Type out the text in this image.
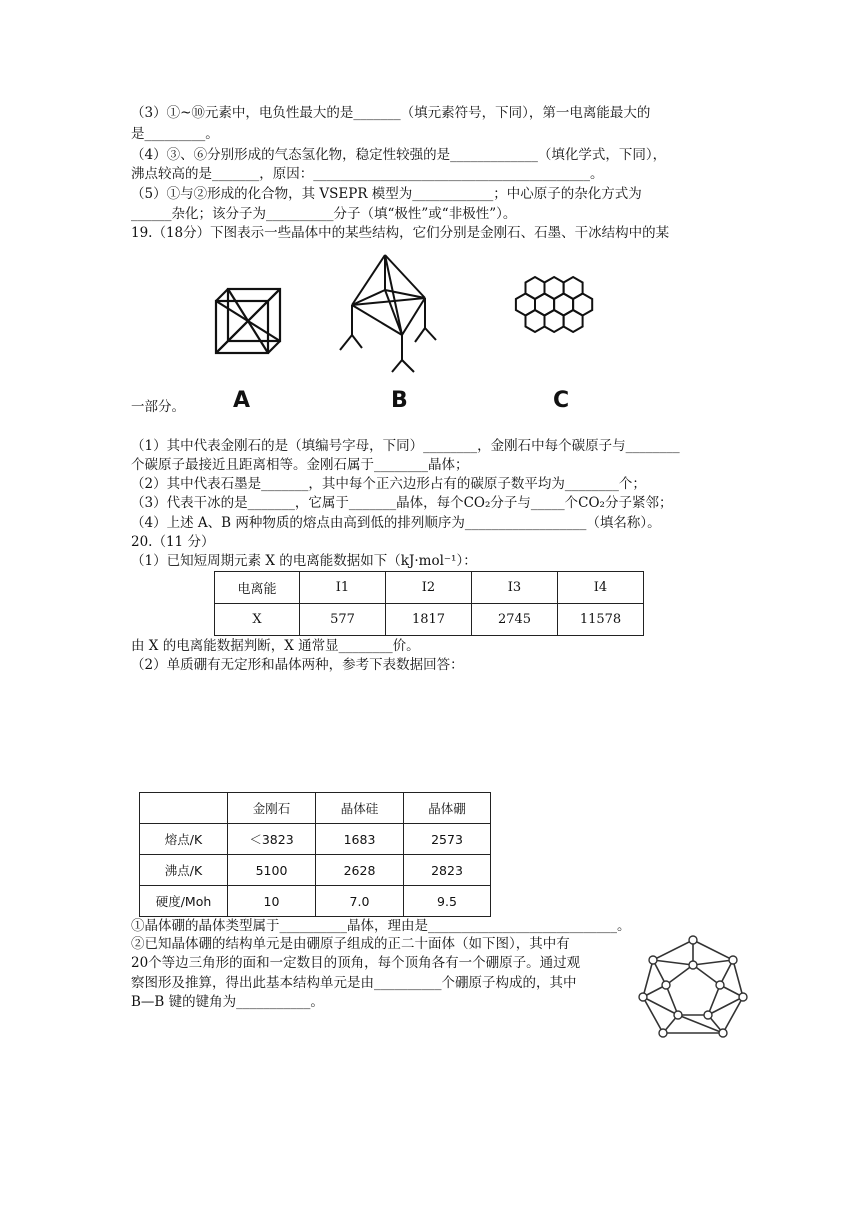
（3）①~⑩元素中，电负性最大的是_______（填元素符号，下同），第一电离能最大的
是_________。
（4）③、⑥分别形成的气态氢化物，稳定性较强的是_____________（填化学式，下同），
沸点较高的是_______，原因：_________________________________________。
（5）①与②形成的化合物，其 VSEPR 模型为____________；中心原子的杂化方式为
______杂化；该分子为__________分子（填“极性”或“非极性”）。
19.（18分）下图表示一些晶体中的某些结构，它们分别是金刚石、石墨、干冰结构中的某
A	B	C
一部分。
（1）其中代表金刚石的是（填编号字母，下同）________，金刚石中每个碳原子与________
个碳原子最接近且距离相等。金刚石属于________晶体；
（2）其中代表石墨是_______，其中每个正六边形占有的碳原子数平均为________个；
（3）代表干冰的是_______，它属于_______晶体，每个CO₂分子与_____个CO₂分子紧邻；
（4）上述 A、B 两种物质的熔点由高到低的排列顺序为__________________（填名称）。
20.（11 分）
（1）已知短周期元素 X 的电离能数据如下（kJ·mol⁻¹）：
电离能	I1	I2	I3	I4
X	577	1817	2745	11578
由 X 的电离能数据判断，X 通常显________价。
（2）单质硼有无定形和晶体两种，参考下表数据回答：
	金刚石	晶体硅	晶体硼
熔点/K	＜3823	1683	2573
沸点/K	5100	2628	2823
硬度/Moh	10	7.0	9.5
①晶体硼的晶体类型属于__________晶体，理由是____________________________。
②已知晶体硼的结构单元是由硼原子组成的正二十面体（如下图），其中有
20个等边三角形的面和一定数目的顶角，每个顶角各有一个硼原子。通过观
察图形及推算，得出此基本结构单元是由__________个硼原子构成的，其中
B—B 键的键角为___________。
